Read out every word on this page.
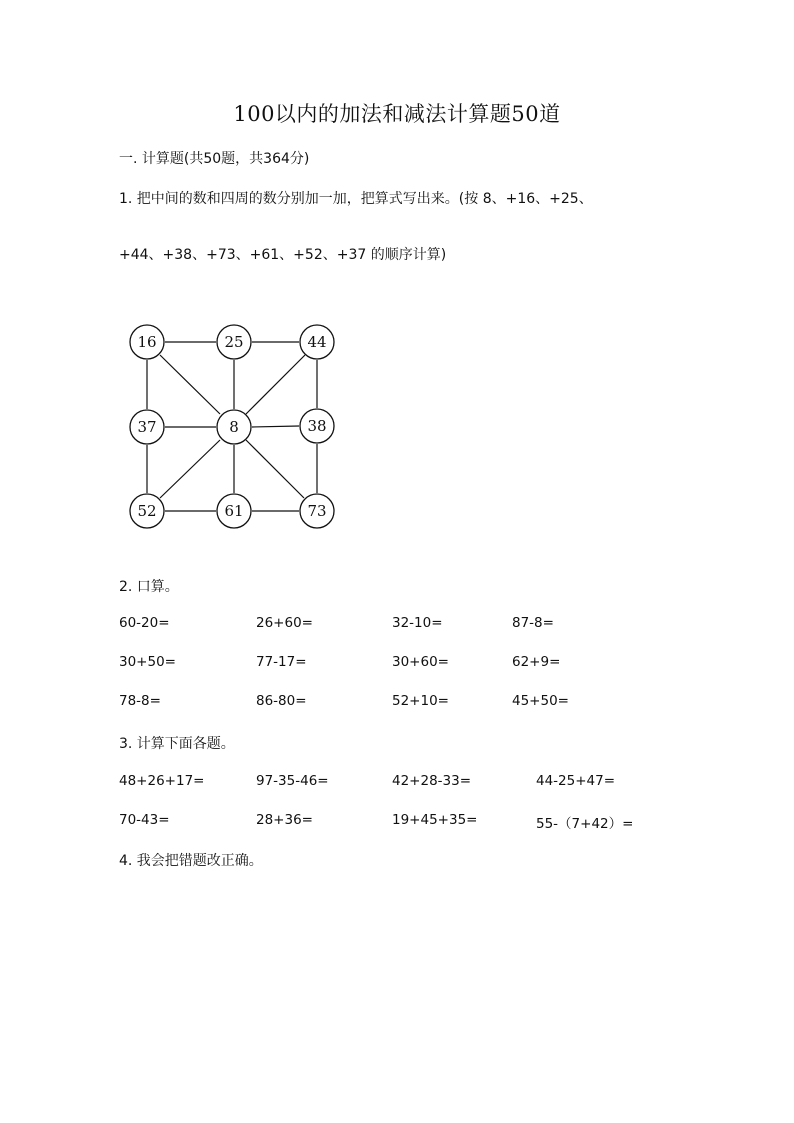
100以内的加法和减法计算题50道
一. 计算题(共50题，共364分)
1. 把中间的数和四周的数分别加一加，把算式写出来。(按 8、+16、+25、
+44、+38、+73、+61、+52、+37 的顺序计算)
16	25	44
37	8	38
52	61	73
2. 口算。
60-20=	26+60=	32-10=	87-8=
30+50=	77-17=	30+60=	62+9=
78-8=	86-80=	52+10=	45+50=
3. 计算下面各题。
48+26+17=	97-35-46=	42+28-33=	44-25+47=
70-43=	28+36=	19+45+35=	55-（7+42）=
4. 我会把错题改正确。
